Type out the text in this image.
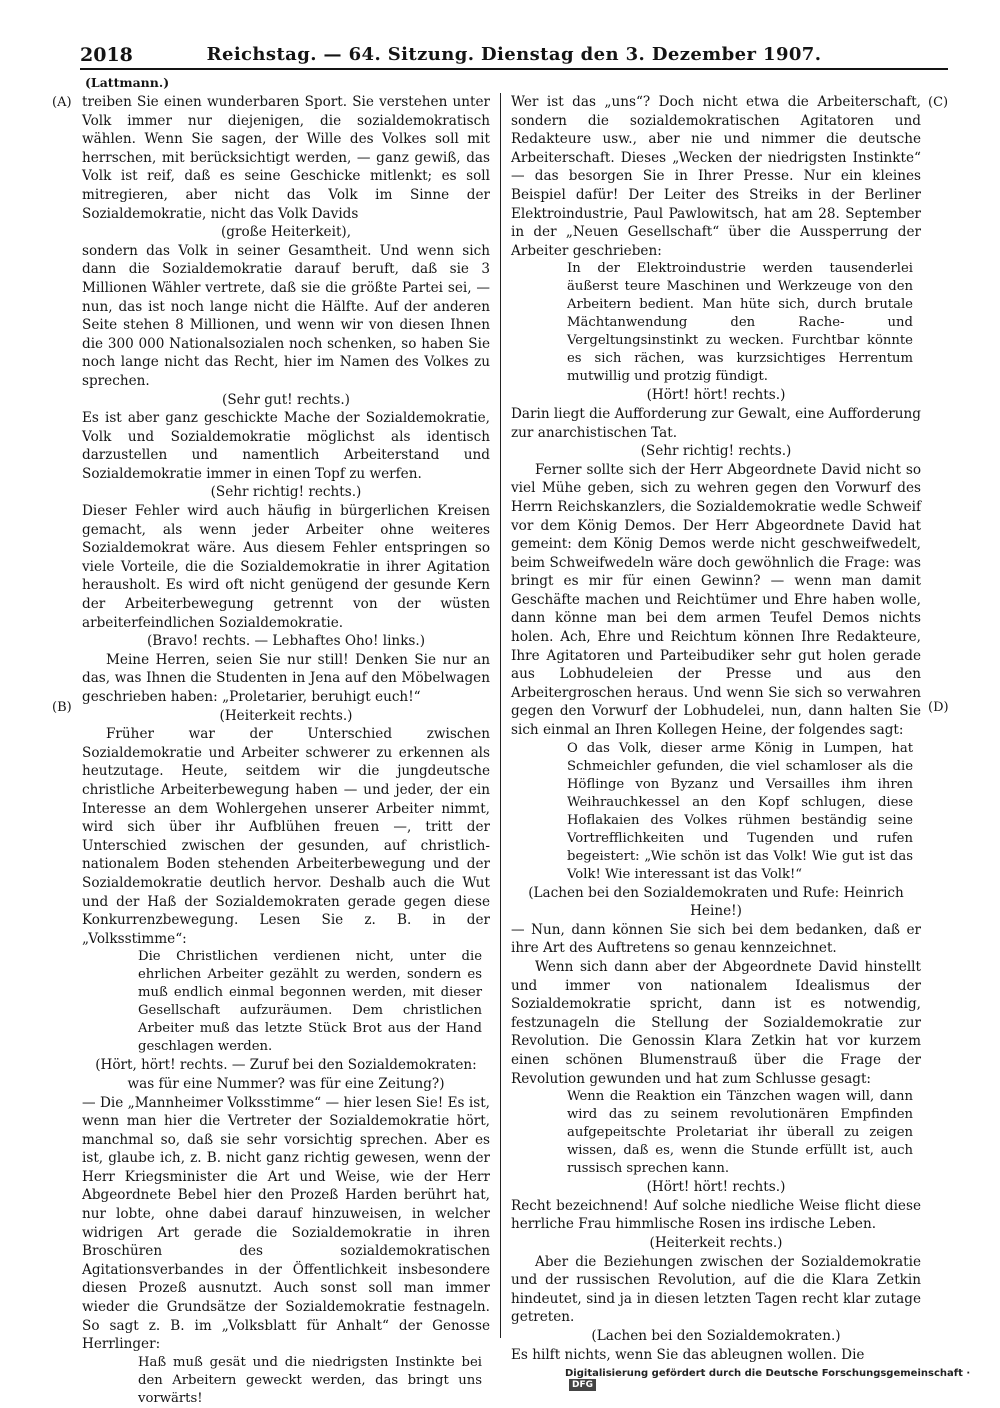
2018	Reichstag. — 64. Sitzung. Dienstag den 3. Dezember 1907.
(Lattmann.)
(A)
(B)
(C)
(D)

treiben Sie einen wunderbaren Sport. Sie verstehen unter Volk immer nur diejenigen, die sozialdemokratisch wählen. Wenn Sie sagen, der Wille des Volkes soll mit herrschen, mit berücksichtigt werden, — ganz gewiß, das Volk ist reif, daß es seine Geschicke mitlenkt; es soll mitregieren, aber nicht das Volk im Sinne der Sozialdemokratie, nicht das Volk Davids

(große Heiterkeit),

sondern das Volk in seiner Gesamtheit. Und wenn sich dann die Sozialdemokratie darauf beruft, daß sie 3 Millionen Wähler vertrete, daß sie die größte Partei sei, — nun, das ist noch lange nicht die Hälfte. Auf der anderen Seite stehen 8 Millionen, und wenn wir von diesen Ihnen die 300 000 Nationalsozialen noch schenken, so haben Sie noch lange nicht das Recht, hier im Namen des Volkes zu sprechen.

(Sehr gut! rechts.)

Es ist aber ganz geschickte Mache der Sozialdemokratie, Volk und Sozialdemokratie möglichst als identisch darzustellen und namentlich Arbeiterstand und Sozialdemokratie immer in einen Topf zu werfen.

(Sehr richtig! rechts.)

Dieser Fehler wird auch häufig in bürgerlichen Kreisen gemacht, als wenn jeder Arbeiter ohne weiteres Sozialdemokrat wäre. Aus diesem Fehler entspringen so viele Vorteile, die die Sozialdemokratie in ihrer Agitation herausholt. Es wird oft nicht genügend der gesunde Kern der Arbeiterbewegung getrennt von der wüsten arbeiterfeindlichen Sozialdemokratie.

(Bravo! rechts. — Lebhaftes Oho! links.)

Meine Herren, seien Sie nur still! Denken Sie nur an das, was Ihnen die Studenten in Jena auf den Möbelwagen geschrieben haben: „Proletarier, beruhigt euch!“

(Heiterkeit rechts.)

Früher war der Unterschied zwischen Sozialdemokratie und Arbeiter schwerer zu erkennen als heutzutage. Heute, seitdem wir die jungdeutsche christliche Arbeiterbewegung haben — und jeder, der ein Interesse an dem Wohlergehen unserer Arbeiter nimmt, wird sich über ihr Aufblühen freuen —, tritt der Unterschied zwischen der gesunden, auf christlich-nationalem Boden stehenden Arbeiterbewegung und der Sozialdemokratie deutlich hervor. Deshalb auch die Wut und der Haß der Sozialdemokraten gerade gegen diese Konkurrenzbewegung. Lesen Sie z. B. in der „Volksstimme“:

Die Christlichen verdienen nicht, unter die ehrlichen Arbeiter gezählt zu werden, sondern es muß endlich einmal begonnen werden, mit dieser Gesellschaft aufzuräumen. Dem christlichen Arbeiter muß das letzte Stück Brot aus der Hand geschlagen werden.

(Hört, hört! rechts. — Zuruf bei den Sozialdemokraten: was für eine Nummer? was für eine Zeitung?)

— Die „Mannheimer Volksstimme“ — hier lesen Sie! Es ist, wenn man hier die Vertreter der Sozialdemokratie hört, manchmal so, daß sie sehr vorsichtig sprechen. Aber es ist, glaube ich, z. B. nicht ganz richtig gewesen, wenn der Herr Kriegsminister die Art und Weise, wie der Herr Abgeordnete Bebel hier den Prozeß Harden berührt hat, nur lobte, ohne dabei darauf hinzuweisen, in welcher widrigen Art gerade die Sozialdemokratie in ihren Broschüren des sozialdemokratischen Agitationsverbandes in der Öffentlichkeit insbesondere diesen Prozeß ausnutzt. Auch sonst soll man immer wieder die Grundsätze der Sozialdemokratie festnageln. So sagt z. B. im „Volksblatt für Anhalt“ der Genosse Herrlinger:

Haß muß gesät und die niedrigsten Instinkte bei den Arbeitern geweckt werden, das bringt uns vorwärts!

Wer ist das „uns“? Doch nicht etwa die Arbeiterschaft, sondern die sozialdemokratischen Agitatoren und Redakteure usw., aber nie und nimmer die deutsche Arbeiterschaft. Dieses „Wecken der niedrigsten Instinkte“ — das besorgen Sie in Ihrer Presse. Nur ein kleines Beispiel dafür! Der Leiter des Streiks in der Berliner Elektroindustrie, Paul Pawlowitsch, hat am 28. September in der „Neuen Gesellschaft“ über die Aussperrung der Arbeiter geschrieben:

In der Elektroindustrie werden tausenderlei äußerst teure Maschinen und Werkzeuge von den Arbeitern bedient. Man hüte sich, durch brutale Mächtanwendung den Rache- und Vergeltungsinstinkt zu wecken. Furchtbar könnte es sich rächen, was kurzsichtiges Herrentum mutwillig und protzig fündigt.

(Hört! hört! rechts.)

Darin liegt die Aufforderung zur Gewalt, eine Aufforderung zur anarchistischen Tat.

(Sehr richtig! rechts.)

Ferner sollte sich der Herr Abgeordnete David nicht so viel Mühe geben, sich zu wehren gegen den Vorwurf des Herrn Reichskanzlers, die Sozialdemokratie wedle Schweif vor dem König Demos. Der Herr Abgeordnete David hat gemeint: dem König Demos werde nicht geschweifwedelt, beim Schweifwedeln wäre doch gewöhnlich die Frage: was bringt es mir für einen Gewinn? — wenn man damit Geschäfte machen und Reichtümer und Ehre haben wolle, dann könne man bei dem armen Teufel Demos nichts holen. Ach, Ehre und Reichtum können Ihre Redakteure, Ihre Agitatoren und Parteibudiker sehr gut holen gerade aus Lobhudeleien der Presse und aus den Arbeitergroschen heraus. Und wenn Sie sich so verwahren gegen den Vorwurf der Lobhudelei, nun, dann halten Sie sich einmal an Ihren Kollegen Heine, der folgendes sagt:

O das Volk, dieser arme König in Lumpen, hat Schmeichler gefunden, die viel schamloser als die Höflinge von Byzanz und Versailles ihm ihren Weihrauchkessel an den Kopf schlugen, diese Hoflakaien des Volkes rühmen beständig seine Vortrefflichkeiten und Tugenden und rufen begeistert: „Wie schön ist das Volk! Wie gut ist das Volk! Wie interessant ist das Volk!“

(Lachen bei den Sozialdemokraten und Rufe: Heinrich Heine!)

— Nun, dann können Sie sich bei dem bedanken, daß er ihre Art des Auftretens so genau kennzeichnet.

Wenn sich dann aber der Abgeordnete David hinstellt und immer von nationalem Idealismus der Sozialdemokratie spricht, dann ist es notwendig, festzunageln die Stellung der Sozialdemokratie zur Revolution. Die Genossin Klara Zetkin hat vor kurzem einen schönen Blumenstrauß über die Frage der Revolution gewunden und hat zum Schlusse gesagt:

Wenn die Reaktion ein Tänzchen wagen will, dann wird das zu seinem revolutionären Empfinden aufgepeitschte Proletariat ihr überall zu zeigen wissen, daß es, wenn die Stunde erfüllt ist, auch russisch sprechen kann.

(Hört! hört! rechts.)

Recht bezeichnend! Auf solche niedliche Weise flicht diese herrliche Frau himmlische Rosen ins irdische Leben.

(Heiterkeit rechts.)

Aber die Beziehungen zwischen der Sozialdemokratie und der russischen Revolution, auf die die Klara Zetkin hindeutet, sind ja in diesen letzten Tagen recht klar zutage getreten.

(Lachen bei den Sozialdemokraten.)

Es hilft nichts, wenn Sie das ableugnen wollen. Die

Digitalisierung gefördert durch die Deutsche Forschungsgemeinschaft ·DFG
